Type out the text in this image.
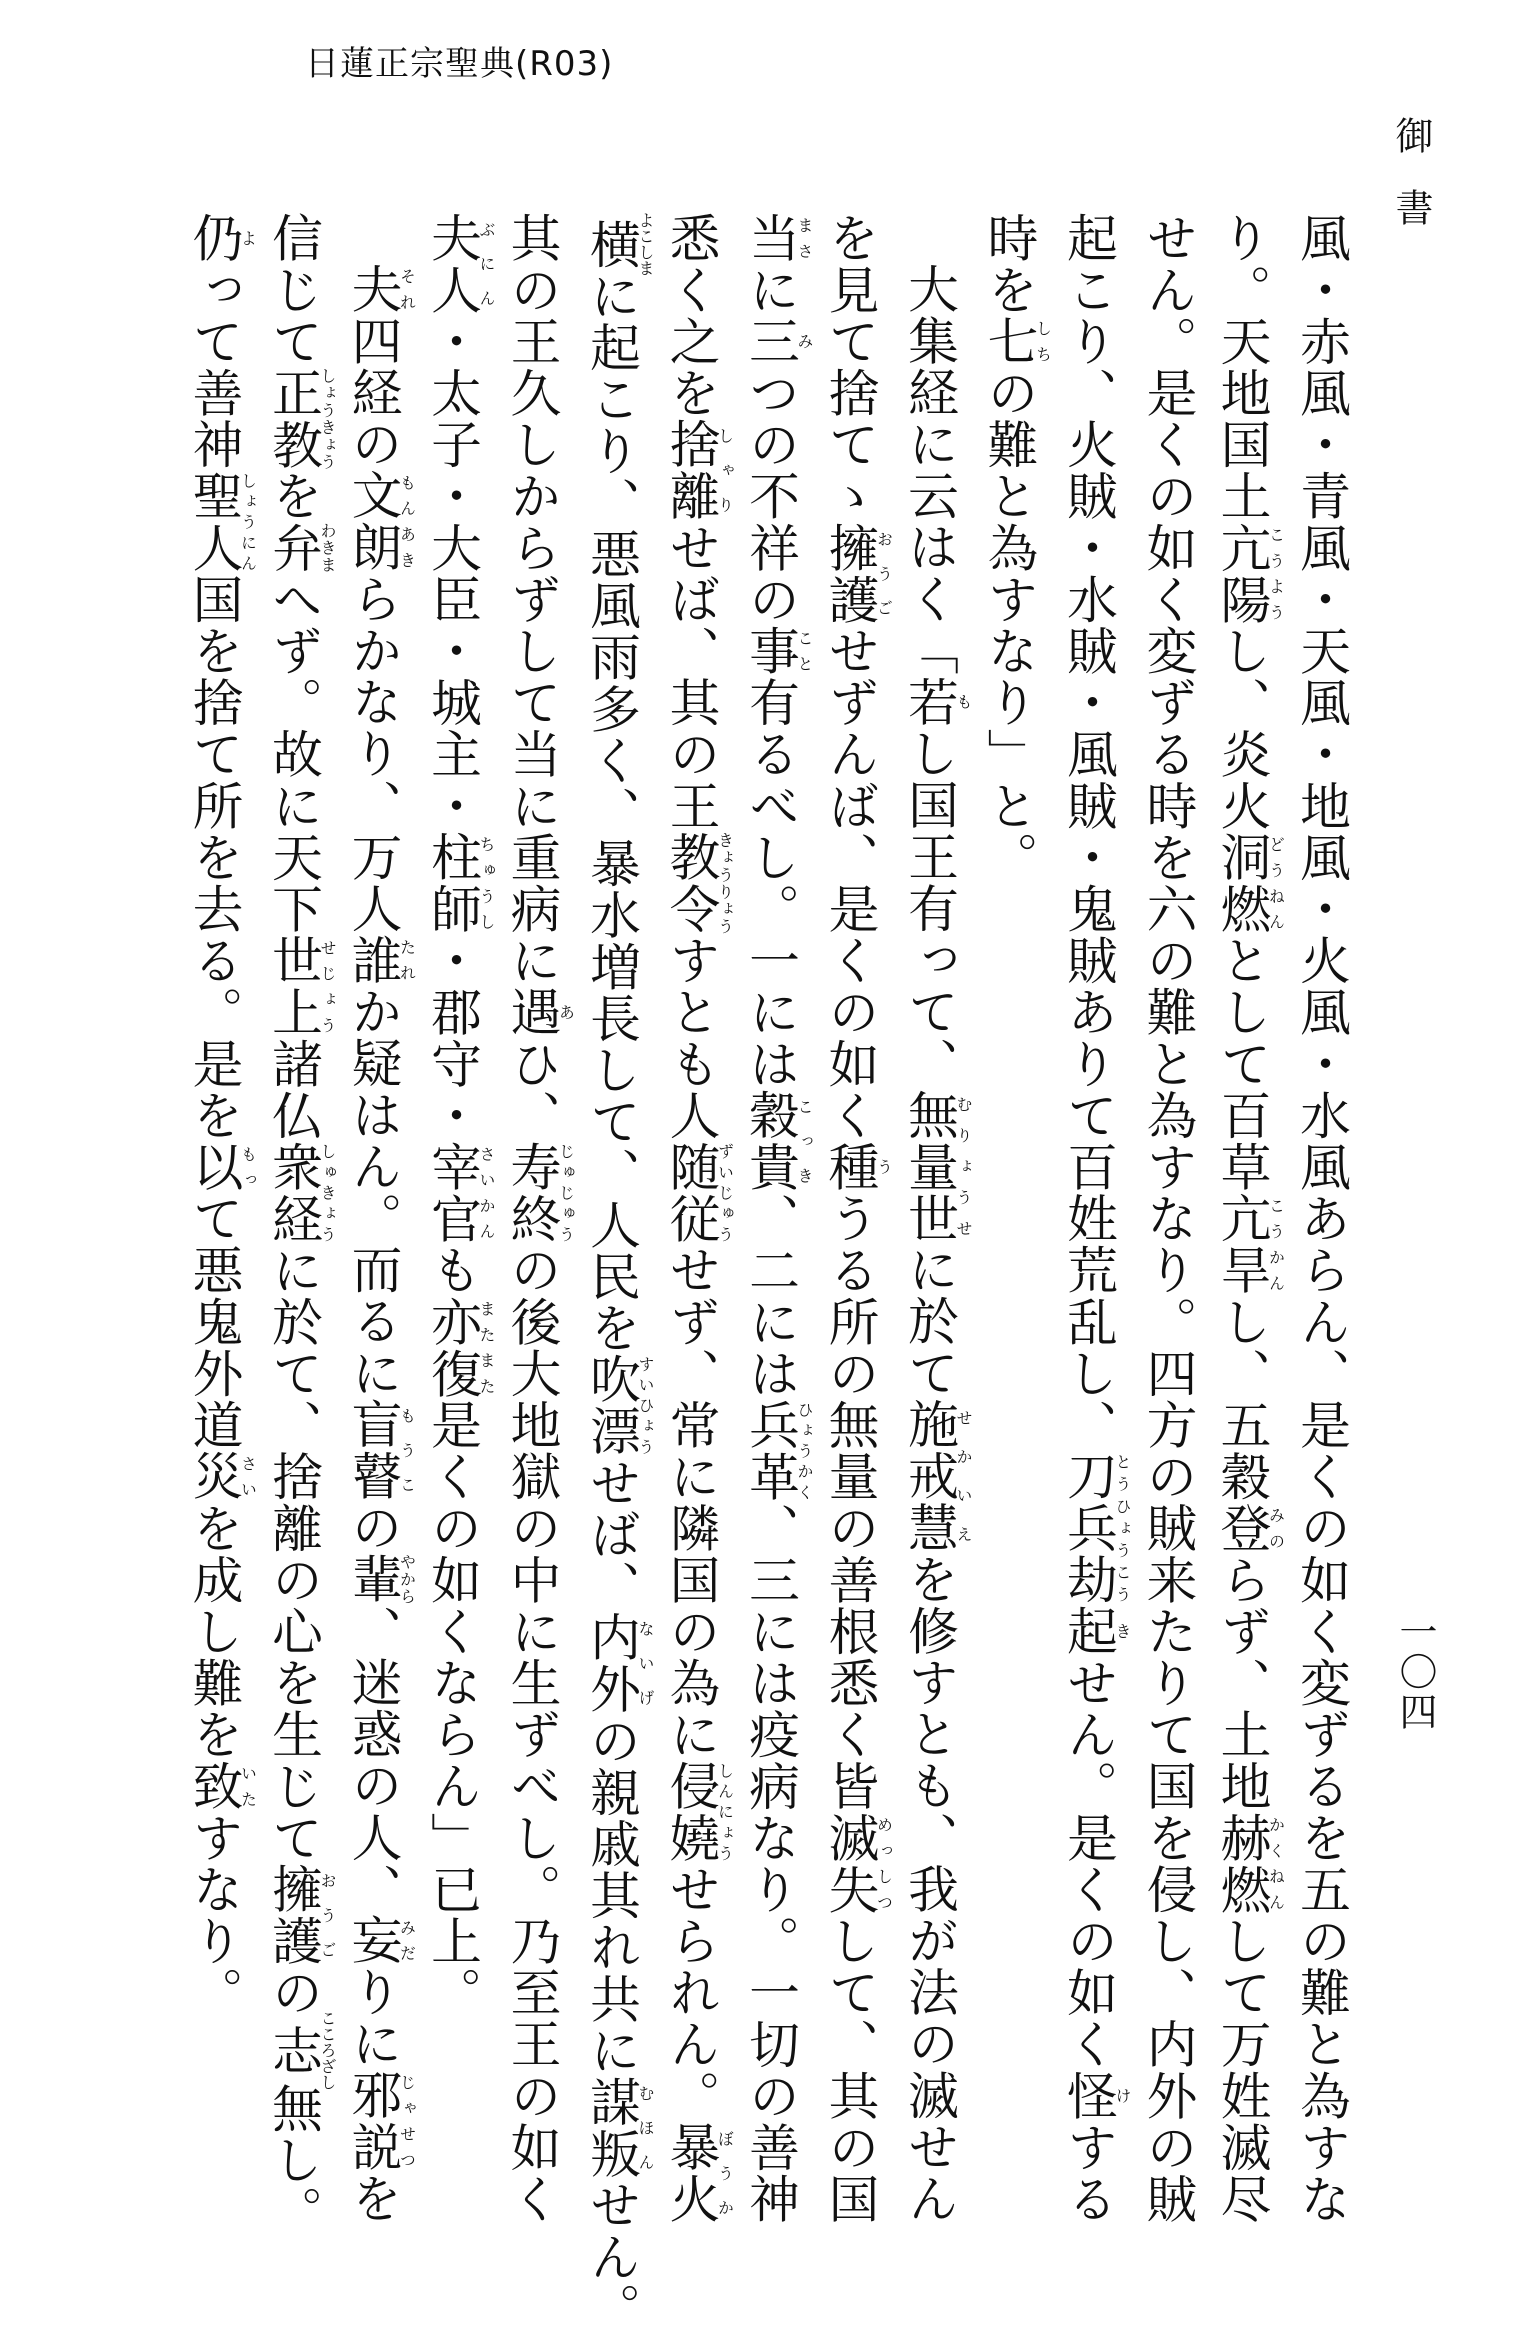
日蓮正宗聖典(R03)
御書
一〇四
風・赤風・青風・天風・地風・火風・水風あらん、是くの如く変ずるを五の難と為すな
り。天地国土亢陽こうようし、炎火洞燃どうねんとして百草亢旱こうかんし、五穀登みのらず、土地赫燃かくねんして万姓滅尽
せん。是くの如く変ずる時を六の難と為すなり。四方の賊来たりて国を侵し、内外の賊
起こり、火賊・水賊・風賊・鬼賊ありて百姓荒乱し、刀兵劫とうひょうこう起きせん。是くの如く怪けする
時を七しちの難と為すなり」と。
大集経に云はく「若もし国王有って、無量世むりょうせに於て施戒慧せかいえを修すとも、我が法の滅せん
を見て捨てゝ擁護おうごせずんば、是くの如く種ううる所の無量の善根悉く皆滅失めっしつして、其の国
当まさに三みつの不祥の事こと有るべし。一には穀貴こっき、二には兵革ひょうかく、三には疫病なり。一切の善神
悉く之を捨離しゃりせば、其の王教令きょうりょうすとも人随従ずいじゅうせず、常に隣国の為に侵嬈しんにょうせられん。暴火ぼうか
横よこしまに起こり、悪風雨多く、暴水増長して、人民を吹漂すいひょうせば、内外ないげの親戚其れ共に謀叛むほんせん。
其の王久しからずして当に重病に遇あひ、寿終じゅじゅうの後大地獄の中に生ずべし。乃至王の如く
夫人ぶにん・太子・大臣・城主・柱師ちゅうし・郡守・宰官さいかんも亦復またまた是くの如くならん」已上。
夫それ四経の文朗もんあきらかなり、万人誰たれか疑はん。而るに盲瞽もうこの輩やから、迷惑の人、妄みだりに邪説じゃせつを
信じて正教しょうきょうを弁わきまへず。故に天下世上せじょう諸仏衆経しゅきょうに於て、捨離の心を生じて擁護おうごの志こころざし無し。
仍よって善神聖人しょうにん国を捨て所を去る。是を以もって悪鬼外道災さいを成し難を致いたすなり。
